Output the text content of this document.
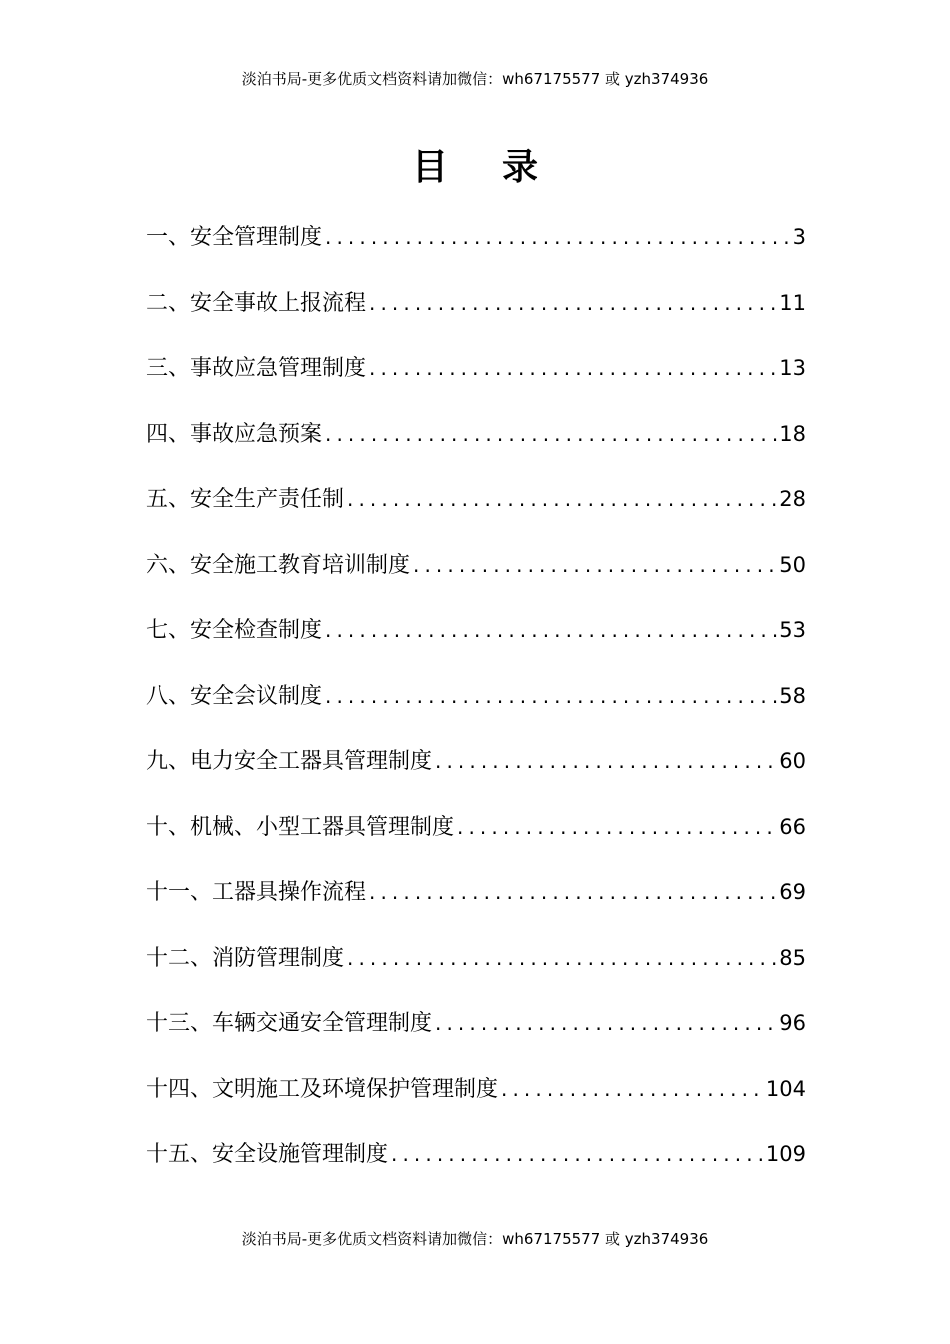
淡泊书局-更多优质文档资料请加微信：wh67175577 或 yzh374936
目 录
一、安全管理制度 .....	3
二、安全事故上报流程 .....	11
三、事故应急管理制度 .....	13
四、事故应急预案 .....	18
五、安全生产责任制 .....	28
六、安全施工教育培训制度 .....	50
七、安全检查制度 .....	53
八、安全会议制度 .....	58
九、电力安全工器具管理制度 .....	60
十、机械、小型工器具管理制度 .....	66
十一、工器具操作流程 .....	69
十二、消防管理制度 .....	85
十三、车辆交通安全管理制度 .....	96
十四、文明施工及环境保护管理制度 .....	104
十五、安全设施管理制度 .....	109
淡泊书局-更多优质文档资料请加微信：wh67175577 或 yzh374936
